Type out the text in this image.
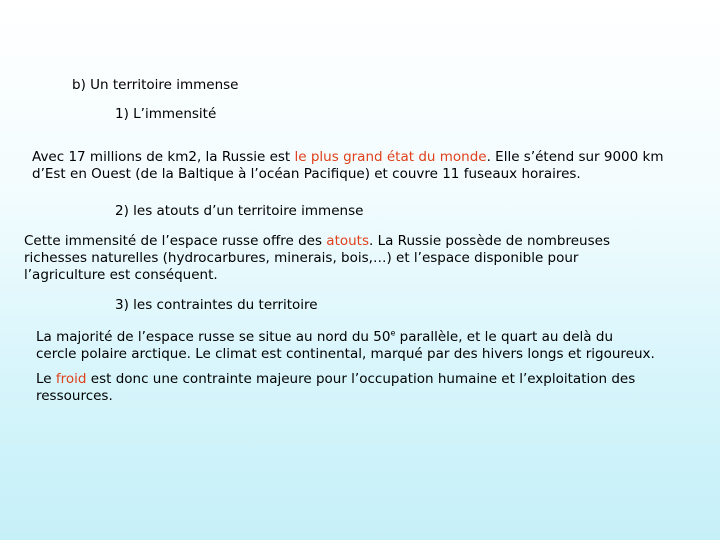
b) Un territoire immense
1) L’immensité
Avec 17 millions de km2, la Russie est le plus grand état du monde. Elle s’étend sur 9000 km
d’Est en Ouest (de la Baltique à l’océan Pacifique) et couvre 11 fuseaux horaires.
2) les atouts d’un territoire immense
Cette immensité de l’espace russe offre des atouts. La Russie possède de nombreuses
richesses naturelles (hydrocarbures, minerais, bois,…) et l’espace disponible pour
l’agriculture est conséquent.
3) les contraintes du territoire
La majorité de l’espace russe se situe au nord du 50e parallèle, et le quart au delà du
cercle polaire arctique. Le climat est continental, marqué par des hivers longs et rigoureux.
Le froid est donc une contrainte majeure pour l’occupation humaine et l’exploitation des
ressources.
